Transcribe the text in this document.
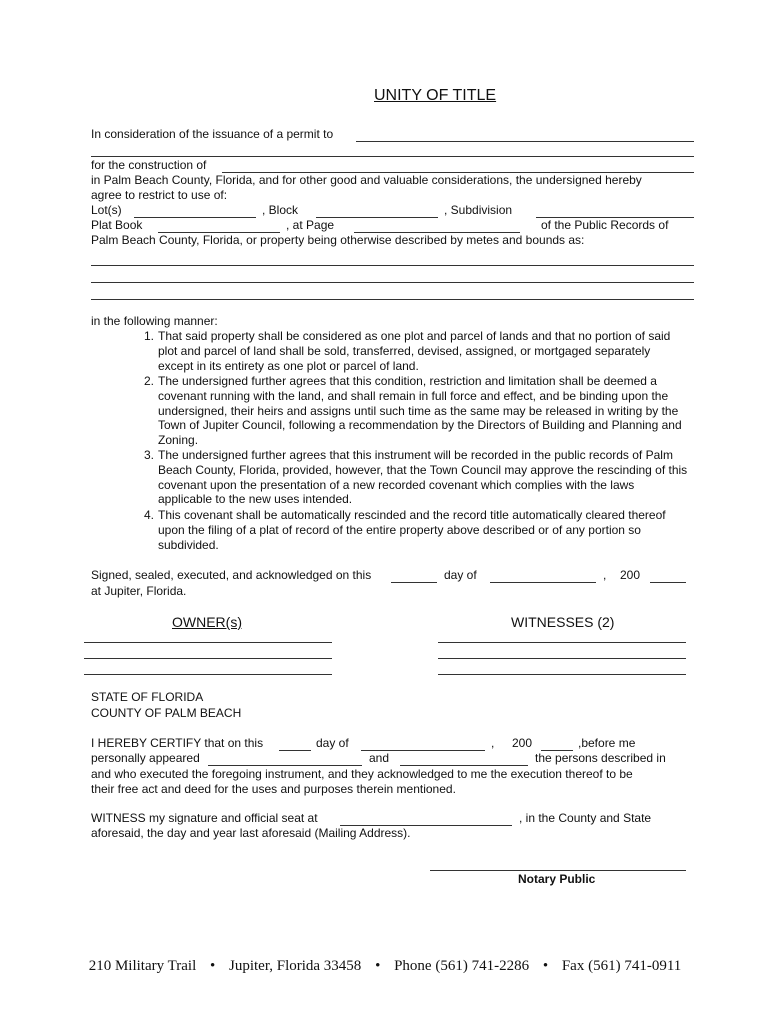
UNITY OF TITLE
In consideration of the issuance of a permit to
for the construction of
in Palm Beach County, Florida, and for other good and valuable considerations, the undersigned hereby
agree to restrict to use of:
Lot(s)	, Block	, Subdivision
Plat Book	, at Page	of the Public Records of
Palm Beach County, Florida, or property being otherwise described by metes and bounds as:
in the following manner:
1. That said property shall be considered as one plot and parcel of lands and that no portion of said plot and parcel of land shall be sold, transferred, devised, assigned, or mortgaged separately except in its entirety as one plot or parcel of land.
2. The undersigned further agrees that this condition, restriction and limitation shall be deemed a covenant running with the land, and shall remain in full force and effect, and be binding upon the undersigned, their heirs and assigns until such time as the same may be released in writing by the Town of Jupiter Council, following a recommendation by the Directors of Building and Planning and Zoning.
3. The undersigned further agrees that this instrument will be recorded in the public records of Palm Beach County, Florida, provided, however, that the Town Council may approve the rescinding of this covenant upon the presentation of a new recorded covenant which complies with the laws applicable to the new uses intended.
4. This covenant shall be automatically rescinded and the record title automatically cleared thereof upon the filing of a plat of record of the entire property above described or of any portion so subdivided.
Signed, sealed, executed, and acknowledged on this	day of	, 200
at Jupiter, Florida.
OWNER(s)	WITNESSES (2)
STATE OF FLORIDA
COUNTY OF PALM BEACH
I HEREBY CERTIFY that on this	day of	, 200	,before me
personally appeared	and	the persons described in
and who executed the foregoing instrument, and they acknowledged to me the execution thereof to be
their free act and deed for the uses and purposes therein mentioned.
WITNESS my signature and official seat at	, in the County and State
aforesaid, the day and year last aforesaid (Mailing Address).
Notary Public
210 Military Trail • Jupiter, Florida 33458 • Phone (561) 741-2286 • Fax (561) 741-0911
